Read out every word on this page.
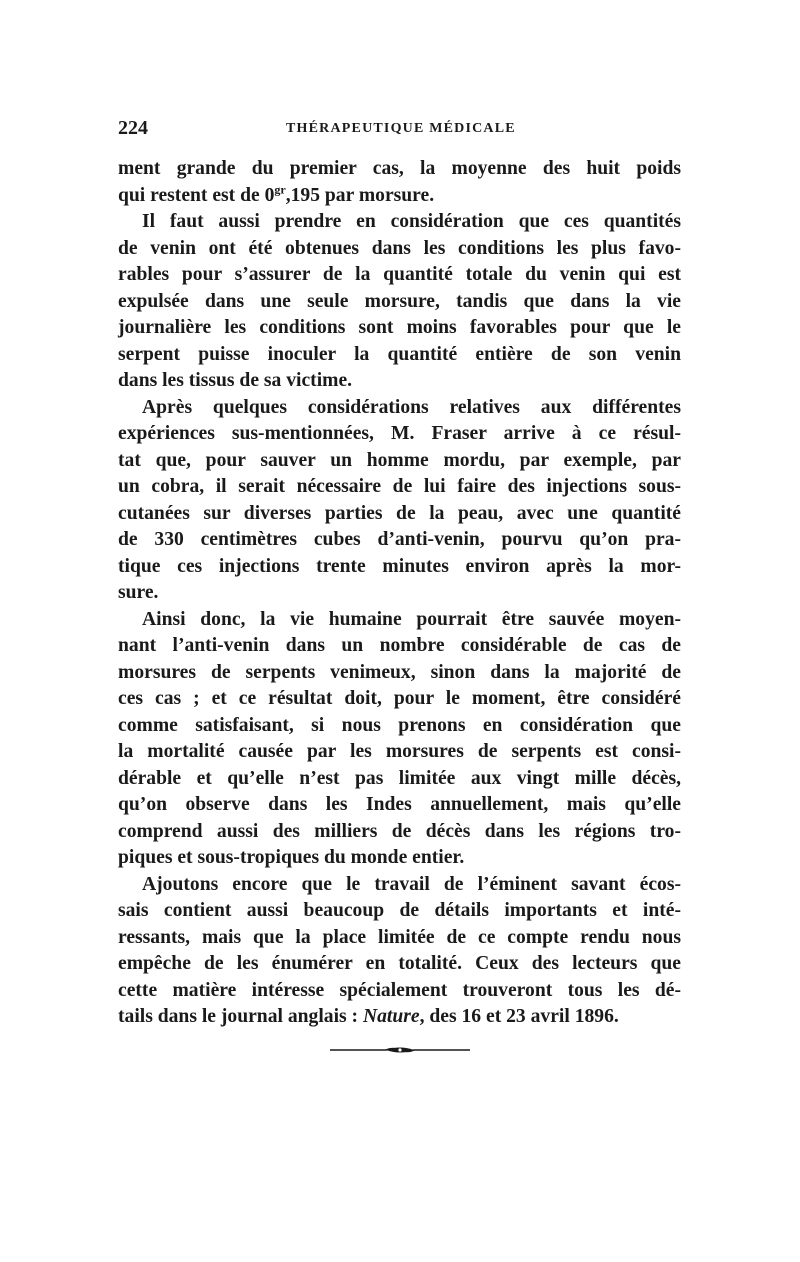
224	THÉRAPEUTIQUE MÉDICALE
ment grande du premier cas, la moyenne des huit poids
qui restent est de $0^{gr},195$ par morsure.
Il faut aussi prendre en considération que ces quantités
de venin ont été obtenues dans les conditions les plus favo-
rables pour s’assurer de la quantité totale du venin qui est
expulsée dans une seule morsure, tandis que dans la vie
journalière les conditions sont moins favorables pour que le
serpent puisse inoculer la quantité entière de son venin
dans les tissus de sa victime.
Après quelques considérations relatives aux différentes
expériences sus-mentionnées, M. Fraser arrive à ce résul-
tat que, pour sauver un homme mordu, par exemple, par
un cobra, il serait nécessaire de lui faire des injections sous-
cutanées sur diverses parties de la peau, avec une quantité
de 330 centimètres cubes d’anti-venin, pourvu qu’on pra-
tique ces injections trente minutes environ après la mor-
sure.
Ainsi donc, la vie humaine pourrait être sauvée moyen-
nant l’anti-venin dans un nombre considérable de cas de
morsures de serpents venimeux, sinon dans la majorité de
ces cas ; et ce résultat doit, pour le moment, être considéré
comme satisfaisant, si nous prenons en considération que
la mortalité causée par les morsures de serpents est consi-
dérable et qu’elle n’est pas limitée aux vingt mille décès,
qu’on observe dans les Indes annuellement, mais qu’elle
comprend aussi des milliers de décès dans les régions tro-
piques et sous-tropiques du monde entier.
Ajoutons encore que le travail de l’éminent savant écos-
sais contient aussi beaucoup de détails importants et inté-
ressants, mais que la place limitée de ce compte rendu nous
empêche de les énumérer en totalité. Ceux des lecteurs que
cette matière intéresse spécialement trouveront tous les dé-
tails dans le journal anglais : Nature, des 16 et 23 avril 1896.
